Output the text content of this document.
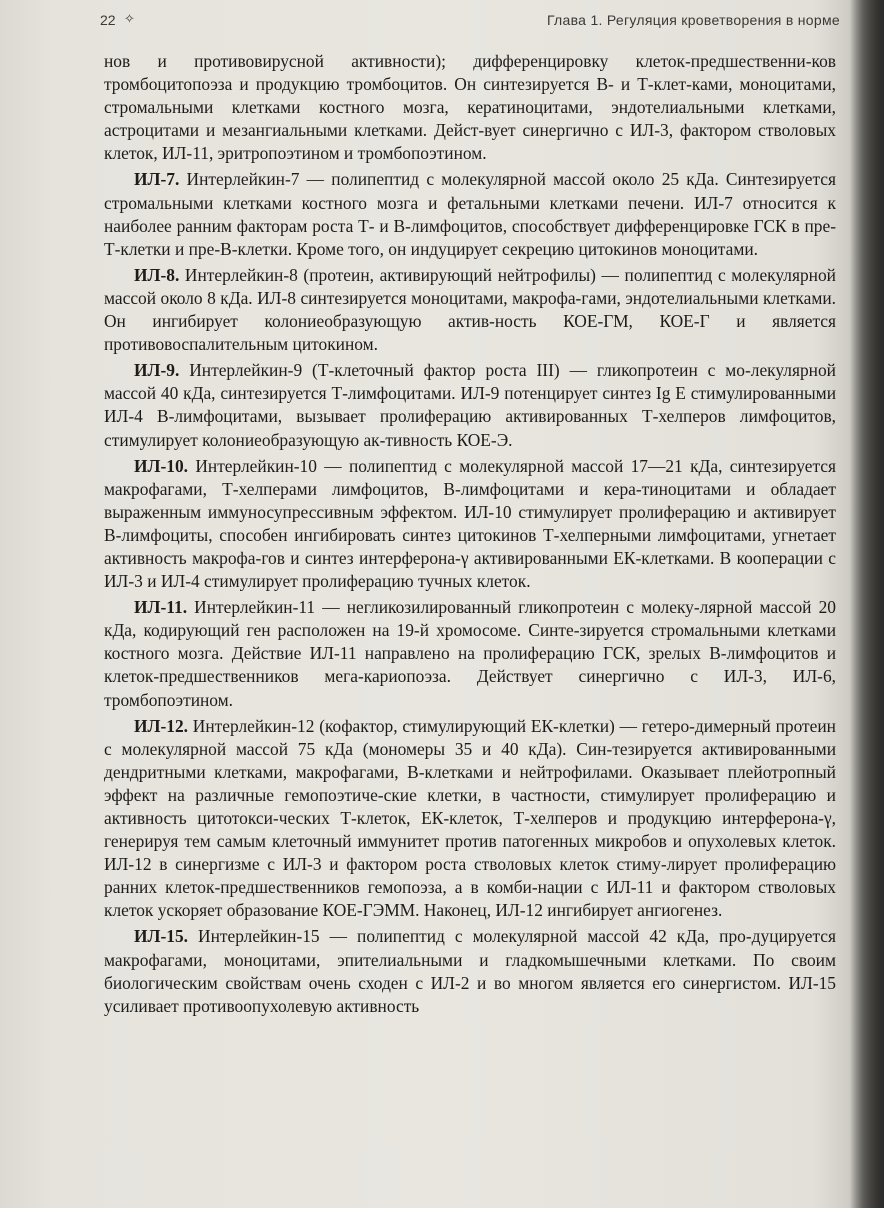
22 ✧	Глава 1. Регуляция кроветворения в норме

нов и противовирусной активности); дифференцировку клеток-предшественни-ков тромбоцитопоэза и продукцию тромбоцитов. Он синтезируется В- и Т-клет-ками, моноцитами, стромальными клетками костного мозга, кератиноцитами, эндотелиальными клетками, астроцитами и мезангиальными клетками. Дейст-вует синергично с ИЛ-3, фактором стволовых клеток, ИЛ-11, эритропоэтином и тромбопоэтином.

ИЛ-7. Интерлейкин-7 — полипептид с молекулярной массой около 25 кДа. Синтезируется стромальными клетками костного мозга и фетальными клетками печени. ИЛ-7 относится к наиболее ранним факторам роста Т- и В-лимфоцитов, способствует дифференцировке ГСК в пре-Т-клетки и пре-В-клетки. Кроме того, он индуцирует секрецию цитокинов моноцитами.

ИЛ-8. Интерлейкин-8 (протеин, активирующий нейтрофилы) — полипептид с молекулярной массой около 8 кДа. ИЛ-8 синтезируется моноцитами, макрофа-гами, эндотелиальными клетками. Он ингибирует колониеобразующую актив-ность КОЕ-ГМ, КОЕ-Г и является противовоспалительным цитокином.

ИЛ-9. Интерлейкин-9 (Т-клеточный фактор роста III) — гликопротеин с мо-лекулярной массой 40 кДа, синтезируется Т-лимфоцитами. ИЛ-9 потенцирует синтез Ig E стимулированными ИЛ-4 В-лимфоцитами, вызывает пролиферацию активированных Т-хелперов лимфоцитов, стимулирует колониеобразующую ак-тивность КОЕ-Э.

ИЛ-10. Интерлейкин-10 — полипептид с молекулярной массой 17—21 кДа, синтезируется макрофагами, Т-хелперами лимфоцитов, В-лимфоцитами и кера-тиноцитами и обладает выраженным иммуносупрессивным эффектом. ИЛ-10 стимулирует пролиферацию и активирует В-лимфоциты, способен ингибировать синтез цитокинов Т-хелперными лимфоцитами, угнетает активность макрофа-гов и синтез интерферона-γ активированными ЕК-клетками. В кооперации с ИЛ-3 и ИЛ-4 стимулирует пролиферацию тучных клеток.

ИЛ-11. Интерлейкин-11 — негликозилированный гликопротеин с молеку-лярной массой 20 кДа, кодирующий ген расположен на 19-й хромосоме. Синте-зируется стромальными клетками костного мозга. Действие ИЛ-11 направлено на пролиферацию ГСК, зрелых В-лимфоцитов и клеток-предшественников мега-кариопоэза. Действует синергично с ИЛ-3, ИЛ-6, тромбопоэтином.

ИЛ-12. Интерлейкин-12 (кофактор, стимулирующий ЕК-клетки) — гетеро-димерный протеин с молекулярной массой 75 кДа (мономеры 35 и 40 кДа). Син-тезируется активированными дендритными клетками, макрофагами, В-клетками и нейтрофилами. Оказывает плейотропный эффект на различные гемопоэтиче-ские клетки, в частности, стимулирует пролиферацию и активность цитотокси-ческих Т-клеток, ЕК-клеток, Т-хелперов и продукцию интерферона-γ, генерируя тем самым клеточный иммунитет против патогенных микробов и опухолевых клеток. ИЛ-12 в синергизме с ИЛ-3 и фактором роста стволовых клеток стиму-лирует пролиферацию ранних клеток-предшественников гемопоэза, а в комби-нации с ИЛ-11 и фактором стволовых клеток ускоряет образование КОЕ-ГЭММ. Наконец, ИЛ-12 ингибирует ангиогенез.

ИЛ-15. Интерлейкин-15 — полипептид с молекулярной массой 42 кДа, про-дуцируется макрофагами, моноцитами, эпителиальными и гладкомышечными клетками. По своим биологическим свойствам очень сходен с ИЛ-2 и во многом является его синергистом. ИЛ-15 усиливает противоопухолевую активность
